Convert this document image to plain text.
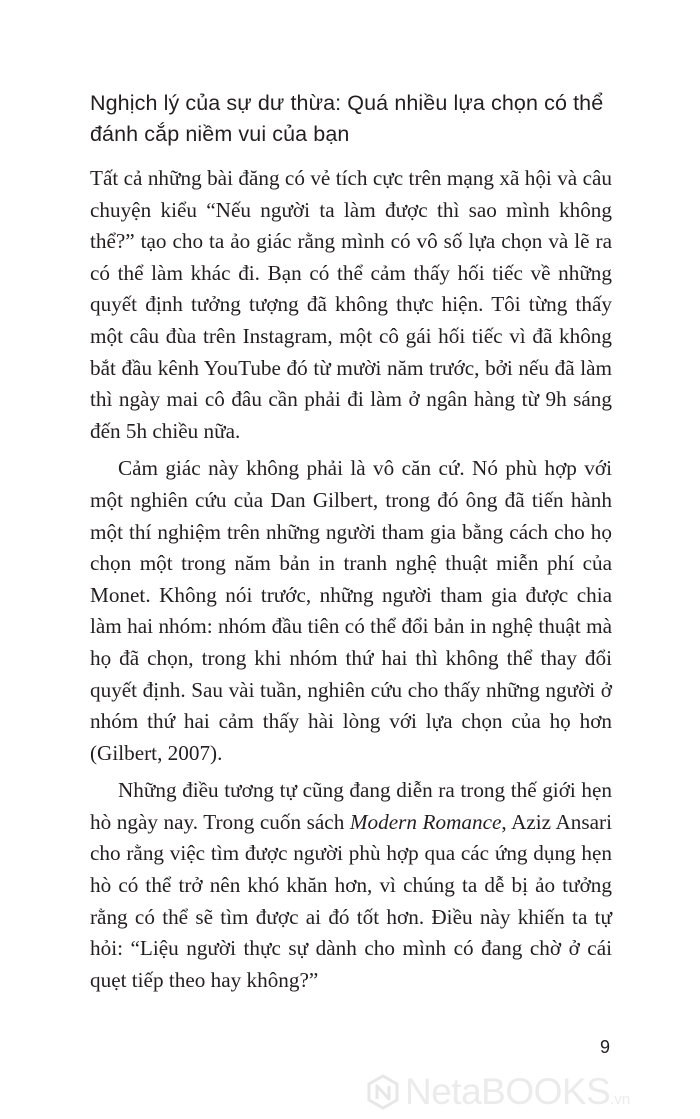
Nghịch lý của sự dư thừa: Quá nhiều lựa chọn có thể đánh cắp niềm vui của bạn

Tất cả những bài đăng có vẻ tích cực trên mạng xã hội và câu chuyện kiểu “Nếu người ta làm được thì sao mình không thể?” tạo cho ta ảo giác rằng mình có vô số lựa chọn và lẽ ra có thể làm khác đi. Bạn có thể cảm thấy hối tiếc về những quyết định tưởng tượng đã không thực hiện. Tôi từng thấy một câu đùa trên Instagram, một cô gái hối tiếc vì đã không bắt đầu kênh YouTube đó từ mười năm trước, bởi nếu đã làm thì ngày mai cô đâu cần phải đi làm ở ngân hàng từ 9h sáng đến 5h chiều nữa.

Cảm giác này không phải là vô căn cứ. Nó phù hợp với một nghiên cứu của Dan Gilbert, trong đó ông đã tiến hành một thí nghiệm trên những người tham gia bằng cách cho họ chọn một trong năm bản in tranh nghệ thuật miễn phí của Monet. Không nói trước, những người tham gia được chia làm hai nhóm: nhóm đầu tiên có thể đổi bản in nghệ thuật mà họ đã chọn, trong khi nhóm thứ hai thì không thể thay đổi quyết định. Sau vài tuần, nghiên cứu cho thấy những người ở nhóm thứ hai cảm thấy hài lòng với lựa chọn của họ hơn (Gilbert, 2007).

Những điều tương tự cũng đang diễn ra trong thế giới hẹn hò ngày nay. Trong cuốn sách Modern Romance, Aziz Ansari cho rằng việc tìm được người phù hợp qua các ứng dụng hẹn hò có thể trở nên khó khăn hơn, vì chúng ta dễ bị ảo tưởng rằng có thể sẽ tìm được ai đó tốt hơn. Điều này khiến ta tự hỏi: “Liệu người thực sự dành cho mình có đang chờ ở cái quẹt tiếp theo hay không?”

9
NetaBOOKS.vn
